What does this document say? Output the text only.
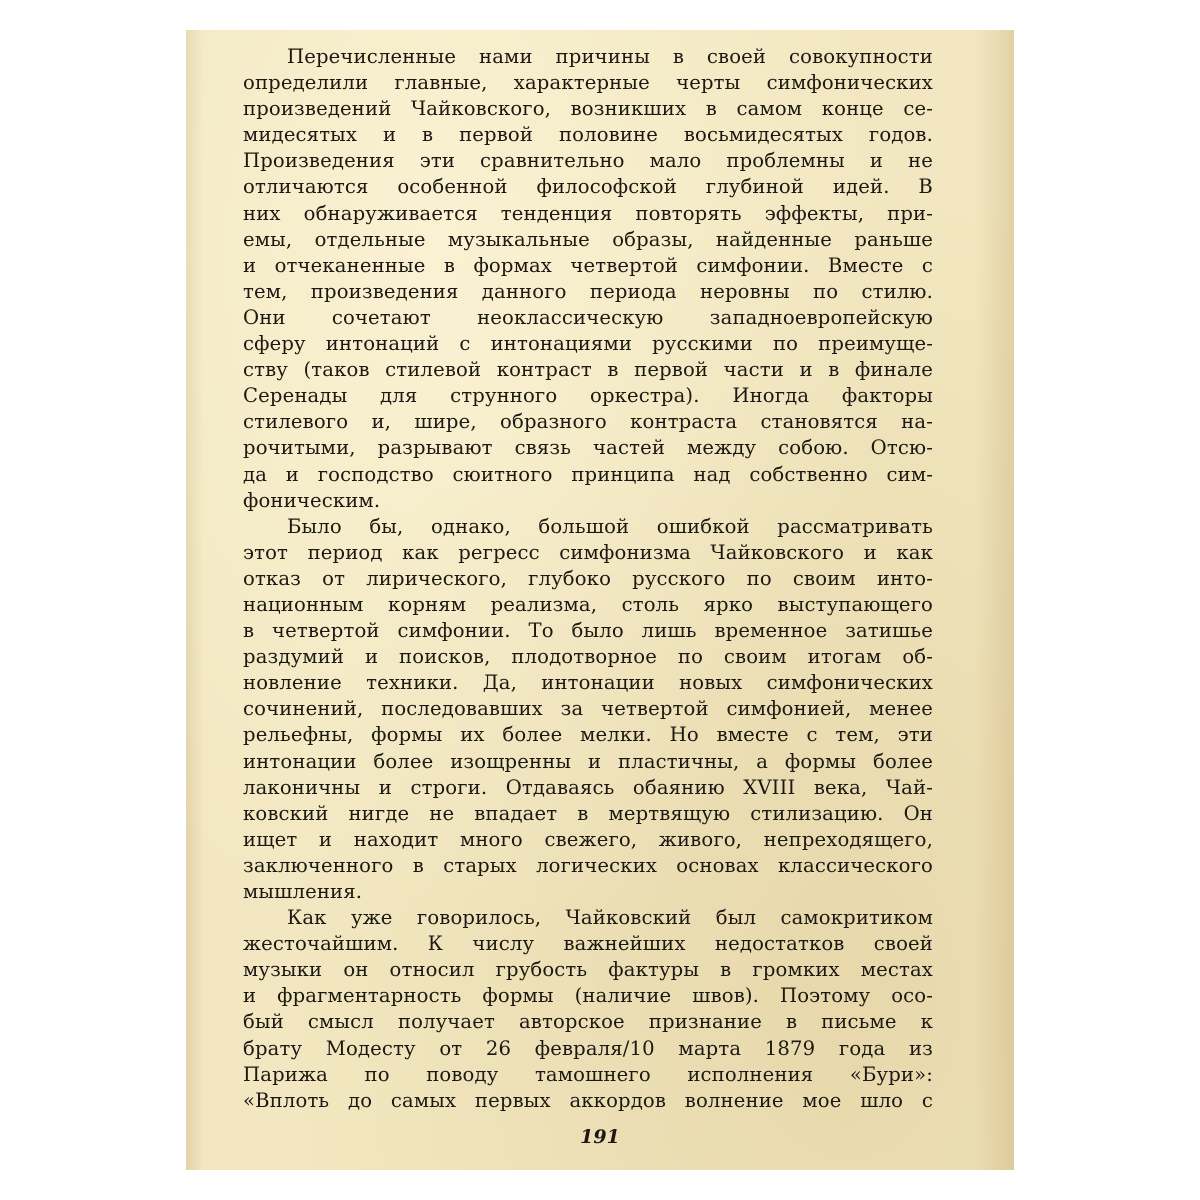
Перечисленные нами причины в своей совокупности
определили главные, характерные черты симфонических
произведений Чайковского, возникших в самом конце се-
мидесятых и в первой половине восьмидесятых годов.
Произведения эти сравнительно мало проблемны и не
отличаются особенной философской глубиной идей. В
них обнаруживается тенденция повторять эффекты, при-
емы, отдельные музыкальные образы, найденные раньше
и отчеканенные в формах четвертой симфонии. Вместе с
тем, произведения данного периода неровны по стилю.
Они сочетают неоклассическую западноевропейскую
сферу интонаций с интонациями русскими по преимуще-
ству (таков стилевой контраст в первой части и в финале
Серенады для струнного оркестра). Иногда факторы
стилевого и, шире, образного контраста становятся на-
рочитыми, разрывают связь частей между собою. Отсю-
да и господство сюитного принципа над собственно сим-
фоническим.

Было бы, однако, большой ошибкой рассматривать
этот период как регресс симфонизма Чайковского и как
отказ от лирического, глубоко русского по своим инто-
национным корням реализма, столь ярко выступающего
в четвертой симфонии. То было лишь временное затишье
раздумий и поисков, плодотворное по своим итогам об-
новление техники. Да, интонации новых симфонических
сочинений, последовавших за четвертой симфонией, менее
рельефны, формы их более мелки. Но вместе с тем, эти
интонации более изощренны и пластичны, а формы более
лаконичны и строги. Отдаваясь обаянию XVIII века, Чай-
ковский нигде не впадает в мертвящую стилизацию. Он
ищет и находит много свежего, живого, непреходящего,
заключенного в старых логических основах классического
мышления.

Как уже говорилось, Чайковский был самокритиком
жесточайшим. К числу важнейших недостатков своей
музыки он относил грубость фактуры в громких местах
и фрагментарность формы (наличие швов). Поэтому осо-
бый смысл получает авторское признание в письме к
брату Модесту от 26 февраля/10 марта 1879 года из
Парижа по поводу тамошнего исполнения «Бури»:
«Вплоть до самых первых аккордов волнение мое шло с

191
